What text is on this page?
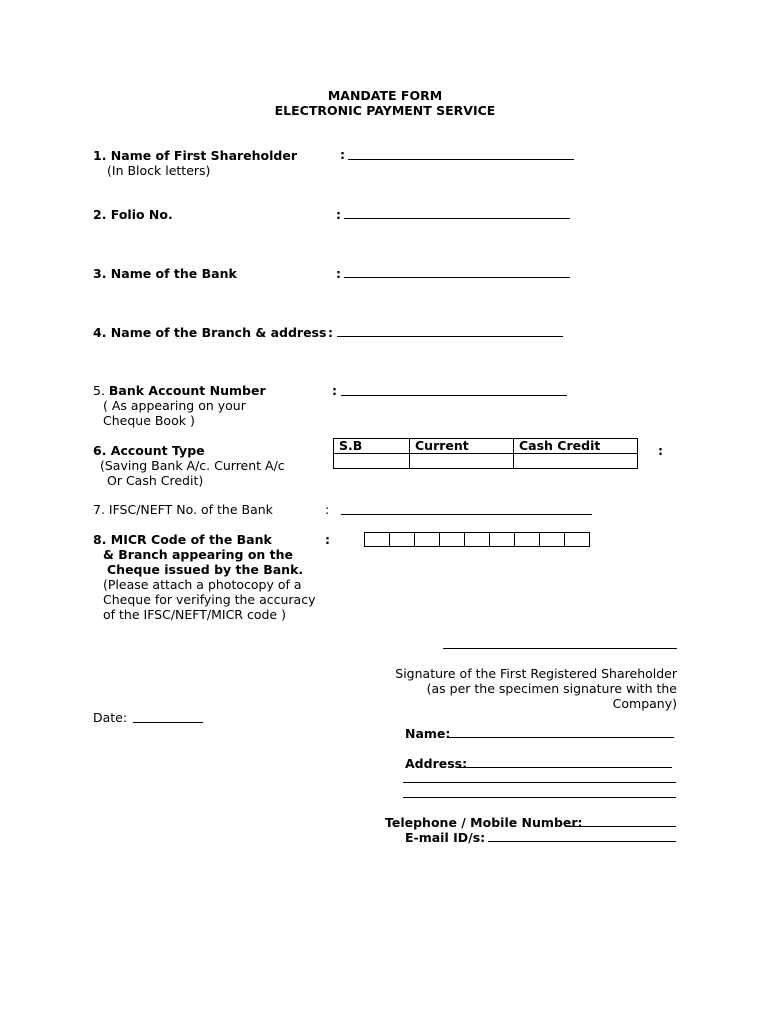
MANDATE FORM
ELECTRONIC PAYMENT SERVICE
1. Name of First Shareholder
(In Block letters)
:
2. Folio No.	:
3. Name of the Bank	:
4. Name of the Branch & address :
5. Bank Account Number
( As appearing on your
Cheque Book )
:
6. Account Type
(Saving Bank A/c. Current A/c
Or Cash Credit)
S.B	Current	Cash Credit
			:
7. IFSC/NEFT No. of the Bank	:
8. MICR Code of the Bank
& Branch appearing on the
Cheque issued by the Bank.
(Please attach a photocopy of a
Cheque for verifying the accuracy
of the IFSC/NEFT/MICR code )
:
Signature of the First Registered Shareholder
(as per the specimen signature with the
Company)
Date:
Name:
Address:
Telephone / Mobile Number:
E-mail ID/s:
